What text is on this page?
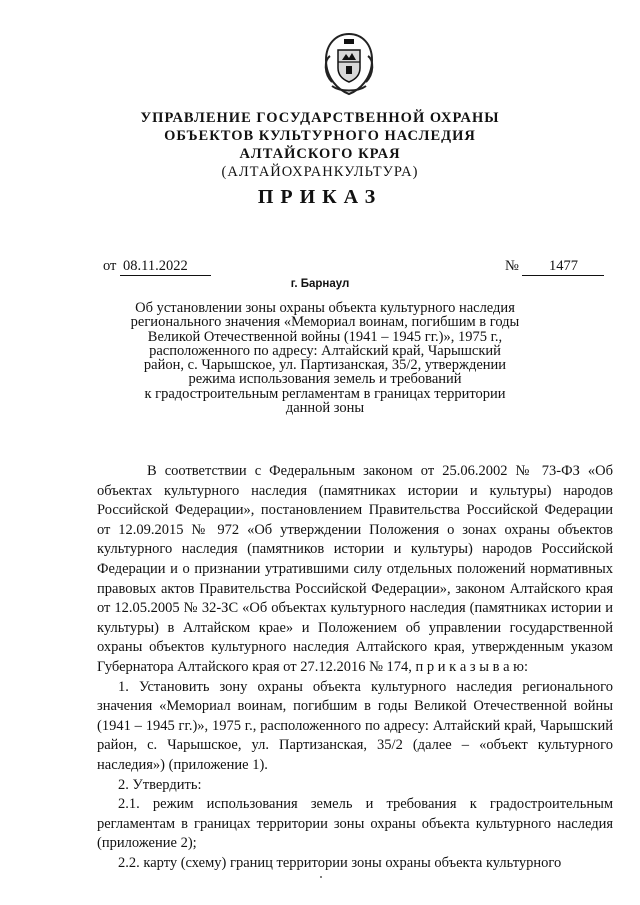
УПРАВЛЕНИЕ ГОСУДАРСТВЕННОЙ ОХРАНЫ
ОБЪЕКТОВ КУЛЬТУРНОГО НАСЛЕДИЯ
АЛТАЙСКОГО КРАЯ
(АЛТАЙОХРАНКУЛЬТУРА)
ПРИКАЗ
от 08.11.2022	№ 1477
г. Барнаул
Об установлении зоны охраны объекта культурного наследия
регионального значения «Мемориал воинам, погибшим в годы
Великой Отечественной войны (1941 – 1945 гг.)», 1975 г.,
расположенного по адресу: Алтайский край, Чарышский
район, с. Чарышское, ул. Партизанская, 35/2, утверждении
режима использования земель и требований
к градостроительным регламентам в границах территории
данной зоны

В соответствии с Федеральным законом от 25.06.2002 № 73-ФЗ «Об объектах культурного наследия (памятниках истории и культуры) народов Российской Федерации», постановлением Правительства Российской Федерации от 12.09.2015 № 972 «Об утверждении Положения о зонах охраны объектов культурного наследия (памятников истории и культуры) народов Российской Федерации и о признании утратившими силу отдельных положений нормативных правовых актов Правительства Российской Федерации», законом Алтайского края от 12.05.2005 № 32-ЗС «Об объектах культурного наследия (памятниках истории и культуры) в Алтайском крае» и Положением об управлении государственной охраны объектов культурного наследия Алтайского края, утвержденным указом Губернатора Алтайского края от 27.12.2016 № 174, п р и к а з ы в а ю:

1. Установить зону охраны объекта культурного наследия регионального значения «Мемориал воинам, погибшим в годы Великой Отечественной войны (1941 – 1945 гг.)», 1975 г., расположенного по адресу: Алтайский край, Чарышский район, с. Чарышское, ул. Партизанская, 35/2 (далее – «объект культурного наследия») (приложение 1).

2. Утвердить:

2.1. режим использования земель и требования к градостроительным регламентам в границах территории зоны охраны объекта культурного наследия (приложение 2);

2.2. карту (схему) границ территории зоны охраны объекта культурного
